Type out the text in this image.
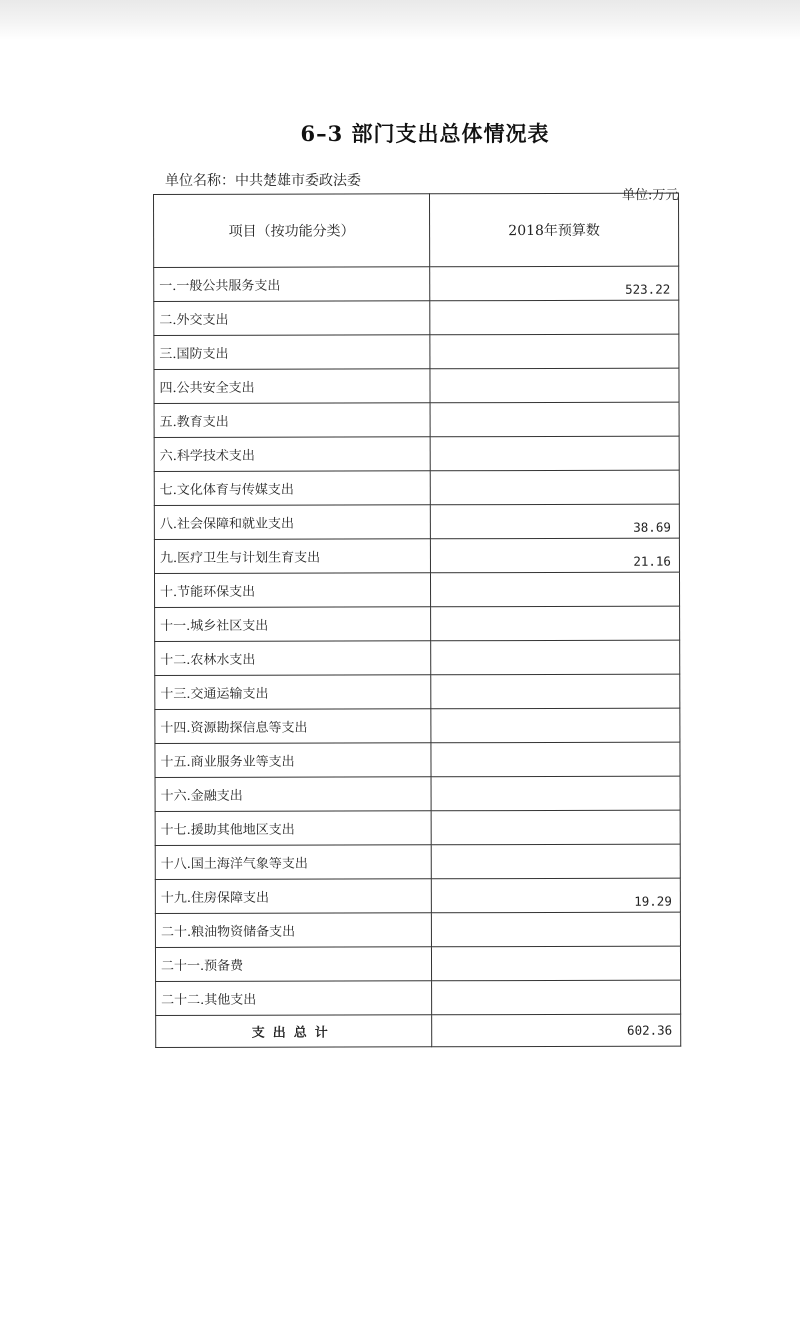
6–3 部门支出总体情况表
单位名称：中共楚雄市委政法委
单位:万元
项目（按功能分类）	2018年预算数
一.一般公共服务支出	523.22
二.外交支出	
三.国防支出	
四.公共安全支出	
五.教育支出	
六.科学技术支出	
七.文化体育与传媒支出	
八.社会保障和就业支出	38.69
九.医疗卫生与计划生育支出	21.16
十.节能环保支出	
十一.城乡社区支出	
十二.农林水支出	
十三.交通运输支出	
十四.资源勘探信息等支出	
十五.商业服务业等支出	
十六.金融支出	
十七.援助其他地区支出	
十八.国土海洋气象等支出	
十九.住房保障支出	19.29
二十.粮油物资储备支出	
二十一.预备费	
二十二.其他支出	
支出总计	602.36
